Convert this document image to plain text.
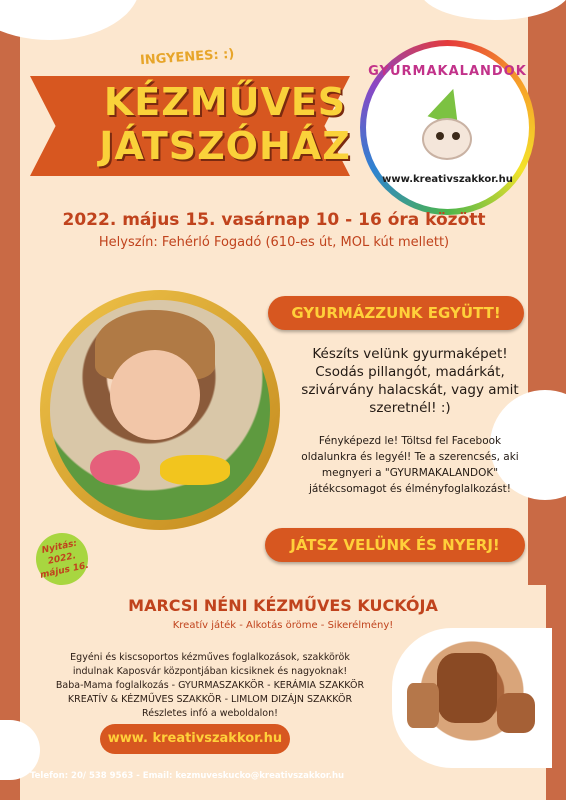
INGYENES: :)
KÉZMŰVES
JÁTSZÓHÁZ
GYURMAKALANDOK
www.kreativszakkor.hu
2022. május 15. vasárnap 10 - 16 óra között
Helyszín: Fehérló Fogadó (610-es út, MOL kút mellett)
GYURMÁZZUNK EGYÜTT!
Készíts velünk gyurmaképet! Csodás pillangót, madárkát, szivárvány halacskát, vagy amit szeretnél! :)
Fényképezd le! Töltsd fel Facebook oldalunkra és legyél! Te a szerencsés, aki megnyeri a "GYURMAKALANDOK" játékcsomagot és élményfoglalkozást!
JÁTSZ VELÜNK ÉS NYERJ!
Nyitás: 2022. május 16.
MARCSI NÉNI KÉZMŰVES KUCKÓJA
Kreatív játék - Alkotás öröme - Sikerélmény!
Egyéni és kiscsoportos kézműves foglalkozások, szakkörök
indulnak Kaposvár központjában kicsiknek és nagyoknak!
Baba-Mama foglalkozás - GYURMASZAKKÖR - KERÁMIA SZAKKÖR
KREATÍV & KÉZMŰVES SZAKKÖR - LIMLOM DIZÁJN SZAKKÖR
Részletes infó a weboldalon!
www. kreativszakkor.hu
Telefon: 20/ 538 9563 - Email: kezmuveskucko@kreativszakkor.hu
